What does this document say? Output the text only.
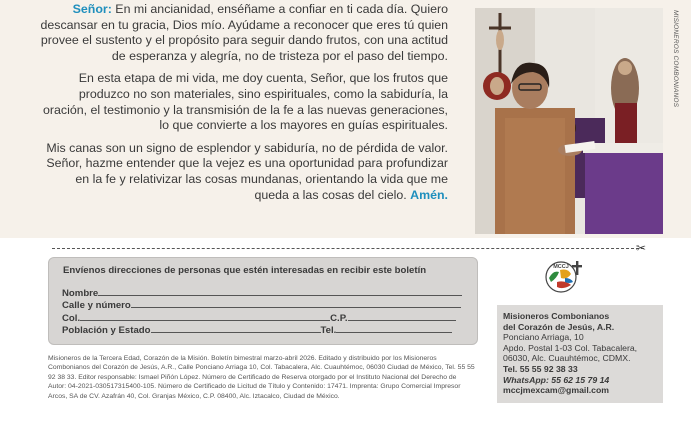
Señor: En mi ancianidad, enséñame a confiar en ti cada día. Quiero descansar en tu gracia, Dios mío. Ayúdame a reconocer que eres tú quien provee el sustento y el propósito para seguir dando frutos, con una actitud de esperanza y alegría, no de tristeza por el paso del tiempo.

En esta etapa de mi vida, me doy cuenta, Señor, que los frutos que produzco no son materiales, sino espirituales, como la sabiduría, la oración, el testimonio y la transmisión de la fe a las nuevas generaciones, lo que convierte a los mayores en guías espirituales.

Mis canas son un signo de esplendor y sabiduría, no de pérdida de valor. Señor, hazme entender que la vejez es una oportunidad para profundizar en la fe y relativizar las cosas mundanas, orientando la vida que me queda a las cosas del cielo. Amén.

MISIONEROS COMBONIANOS
✂
Envíenos direcciones de personas que estén interesadas en recibir este boletín
Nombre
Calle y número
Col.	C.P.
Población y Estado	Tel.
MCCJ
Misioneros Combonianos
del Corazón de Jesús, A.R.
Ponciano Arriaga, 10
Apdo. Postal 1-03 Col. Tabacalera,
06030, Alc. Cuauhtémoc, CDMX.
Tel. 55 55 92 38 33
WhatsApp: 55 62 15 79 14
mccjmexcam@gmail.com
Misioneros de la Tercera Edad, Corazón de la Misión. Boletín bimestral marzo-abril 2026. Editado y distribuido por los Misioneros Combonianos del Corazón de Jesús, A.R., Calle Ponciano Arriaga 10, Col. Tabacalera, Alc. Cuauhtémoc, 06030 Ciudad de México, Tel. 55 55 92 38 33. Editor responsable: Ismael Piñón López. Número de Certificado de Reserva otorgado por el Instituto Nacional del Derecho de Autor: 04-2021-030517315400-105. Número de Certificado de Licitud de Título y Contenido: 17471. Imprenta: Grupo Comercial Impresor Arcos, SA de CV. Azafrán 40, Col. Granjas México, C.P. 08400, Alc. Iztacalco, Ciudad de México.
